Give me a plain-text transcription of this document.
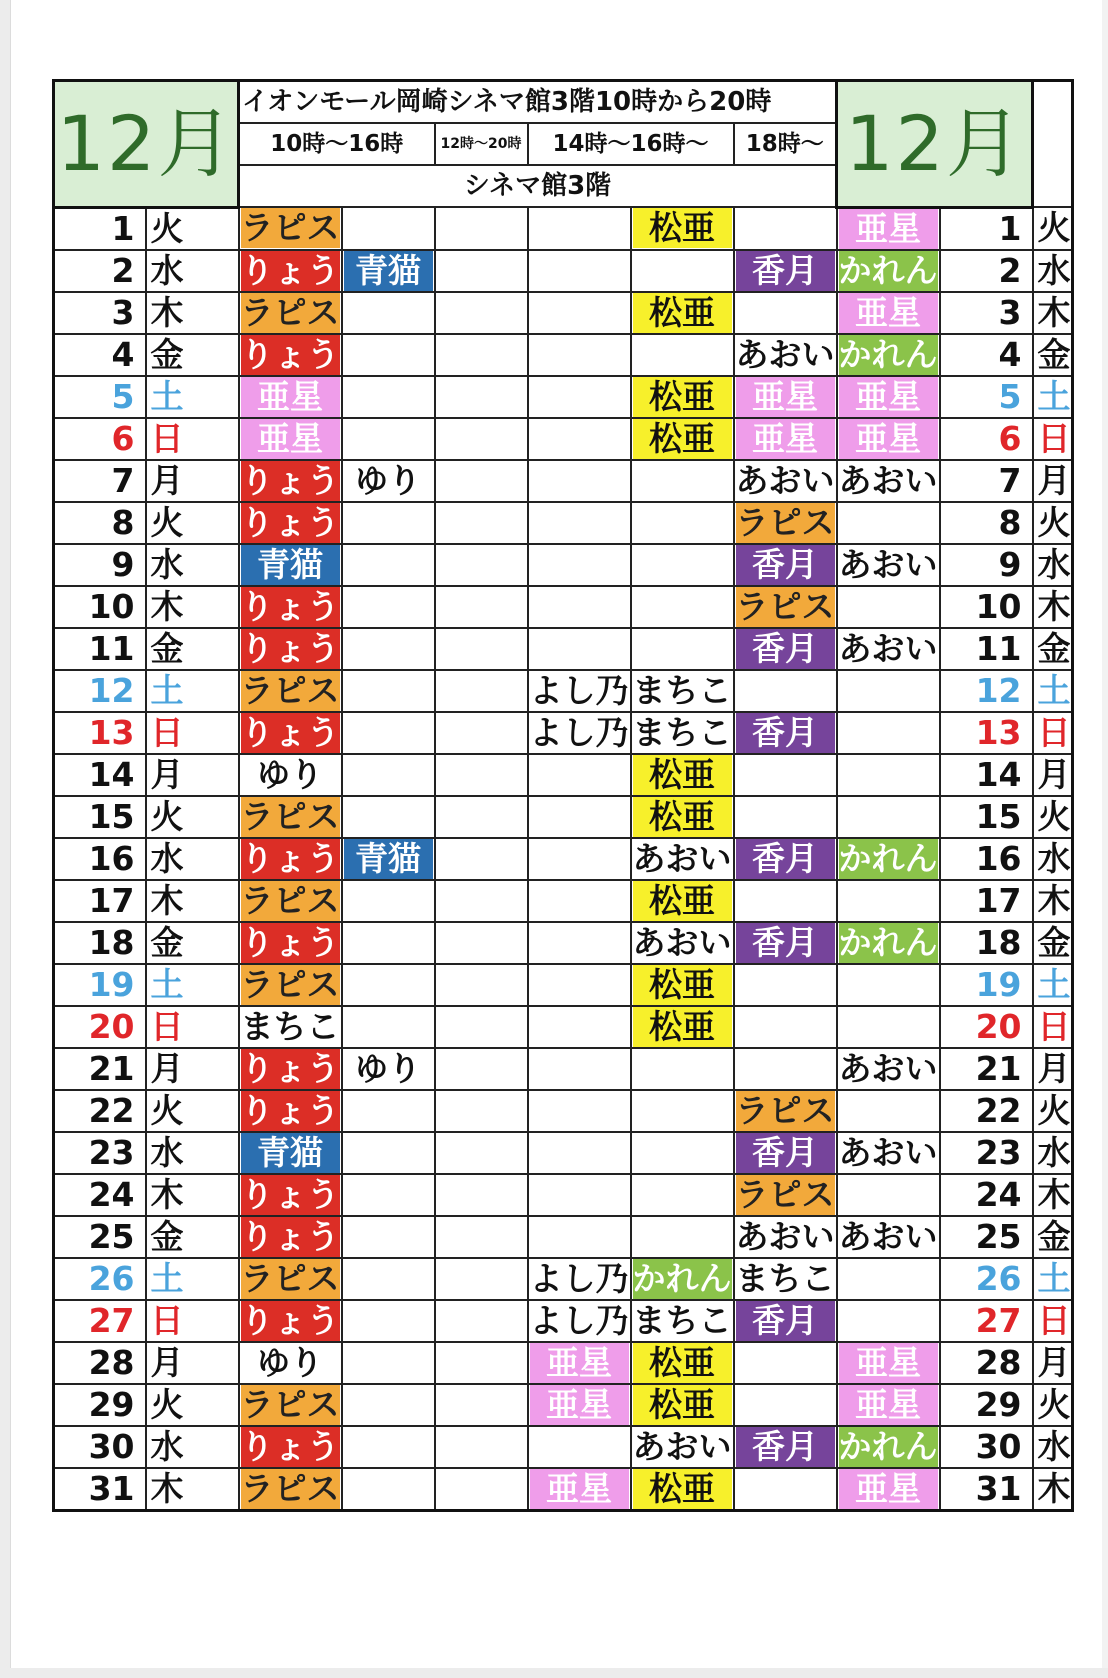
12月		イオンモール岡崎シネマ館3階10時から20時						12月		
		10時～16時		12時～20時	14時～16時～		18時～			
		シネマ館3階								
1	火	ラピス				松亜		亜星	1	火
2	水	りょう	青猫				香月	かれん	2	水
3	木	ラピス				松亜		亜星	3	木
4	金	りょう					あおい	かれん	4	金
5	土	亜星				松亜	亜星	亜星	5	土
6	日	亜星				松亜	亜星	亜星	6	日
7	月	りょう	ゆり				あおい	あおい	7	月
8	火	りょう					ラピス		8	火
9	水	青猫					香月	あおい	9	水
10	木	りょう					ラピス		10	木
11	金	りょう					香月	あおい	11	金
12	土	ラピス			よし乃	まちこ			12	土
13	日	りょう			よし乃	まちこ	香月		13	日
14	月	ゆり				松亜			14	月
15	火	ラピス				松亜			15	火
16	水	りょう	青猫			あおい	香月	かれん	16	水
17	木	ラピス				松亜			17	木
18	金	りょう				あおい	香月	かれん	18	金
19	土	ラピス				松亜			19	土
20	日	まちこ				松亜			20	日
21	月	りょう	ゆり					あおい	21	月
22	火	りょう					ラピス		22	火
23	水	青猫					香月	あおい	23	水
24	木	りょう					ラピス		24	木
25	金	りょう					あおい	あおい	25	金
26	土	ラピス			よし乃	かれん	まちこ		26	土
27	日	りょう			よし乃	まちこ	香月		27	日
28	月	ゆり			亜星	松亜		亜星	28	月
29	火	ラピス			亜星	松亜		亜星	29	火
30	水	りょう				あおい	香月	かれん	30	水
31	木	ラピス			亜星	松亜		亜星	31	木
